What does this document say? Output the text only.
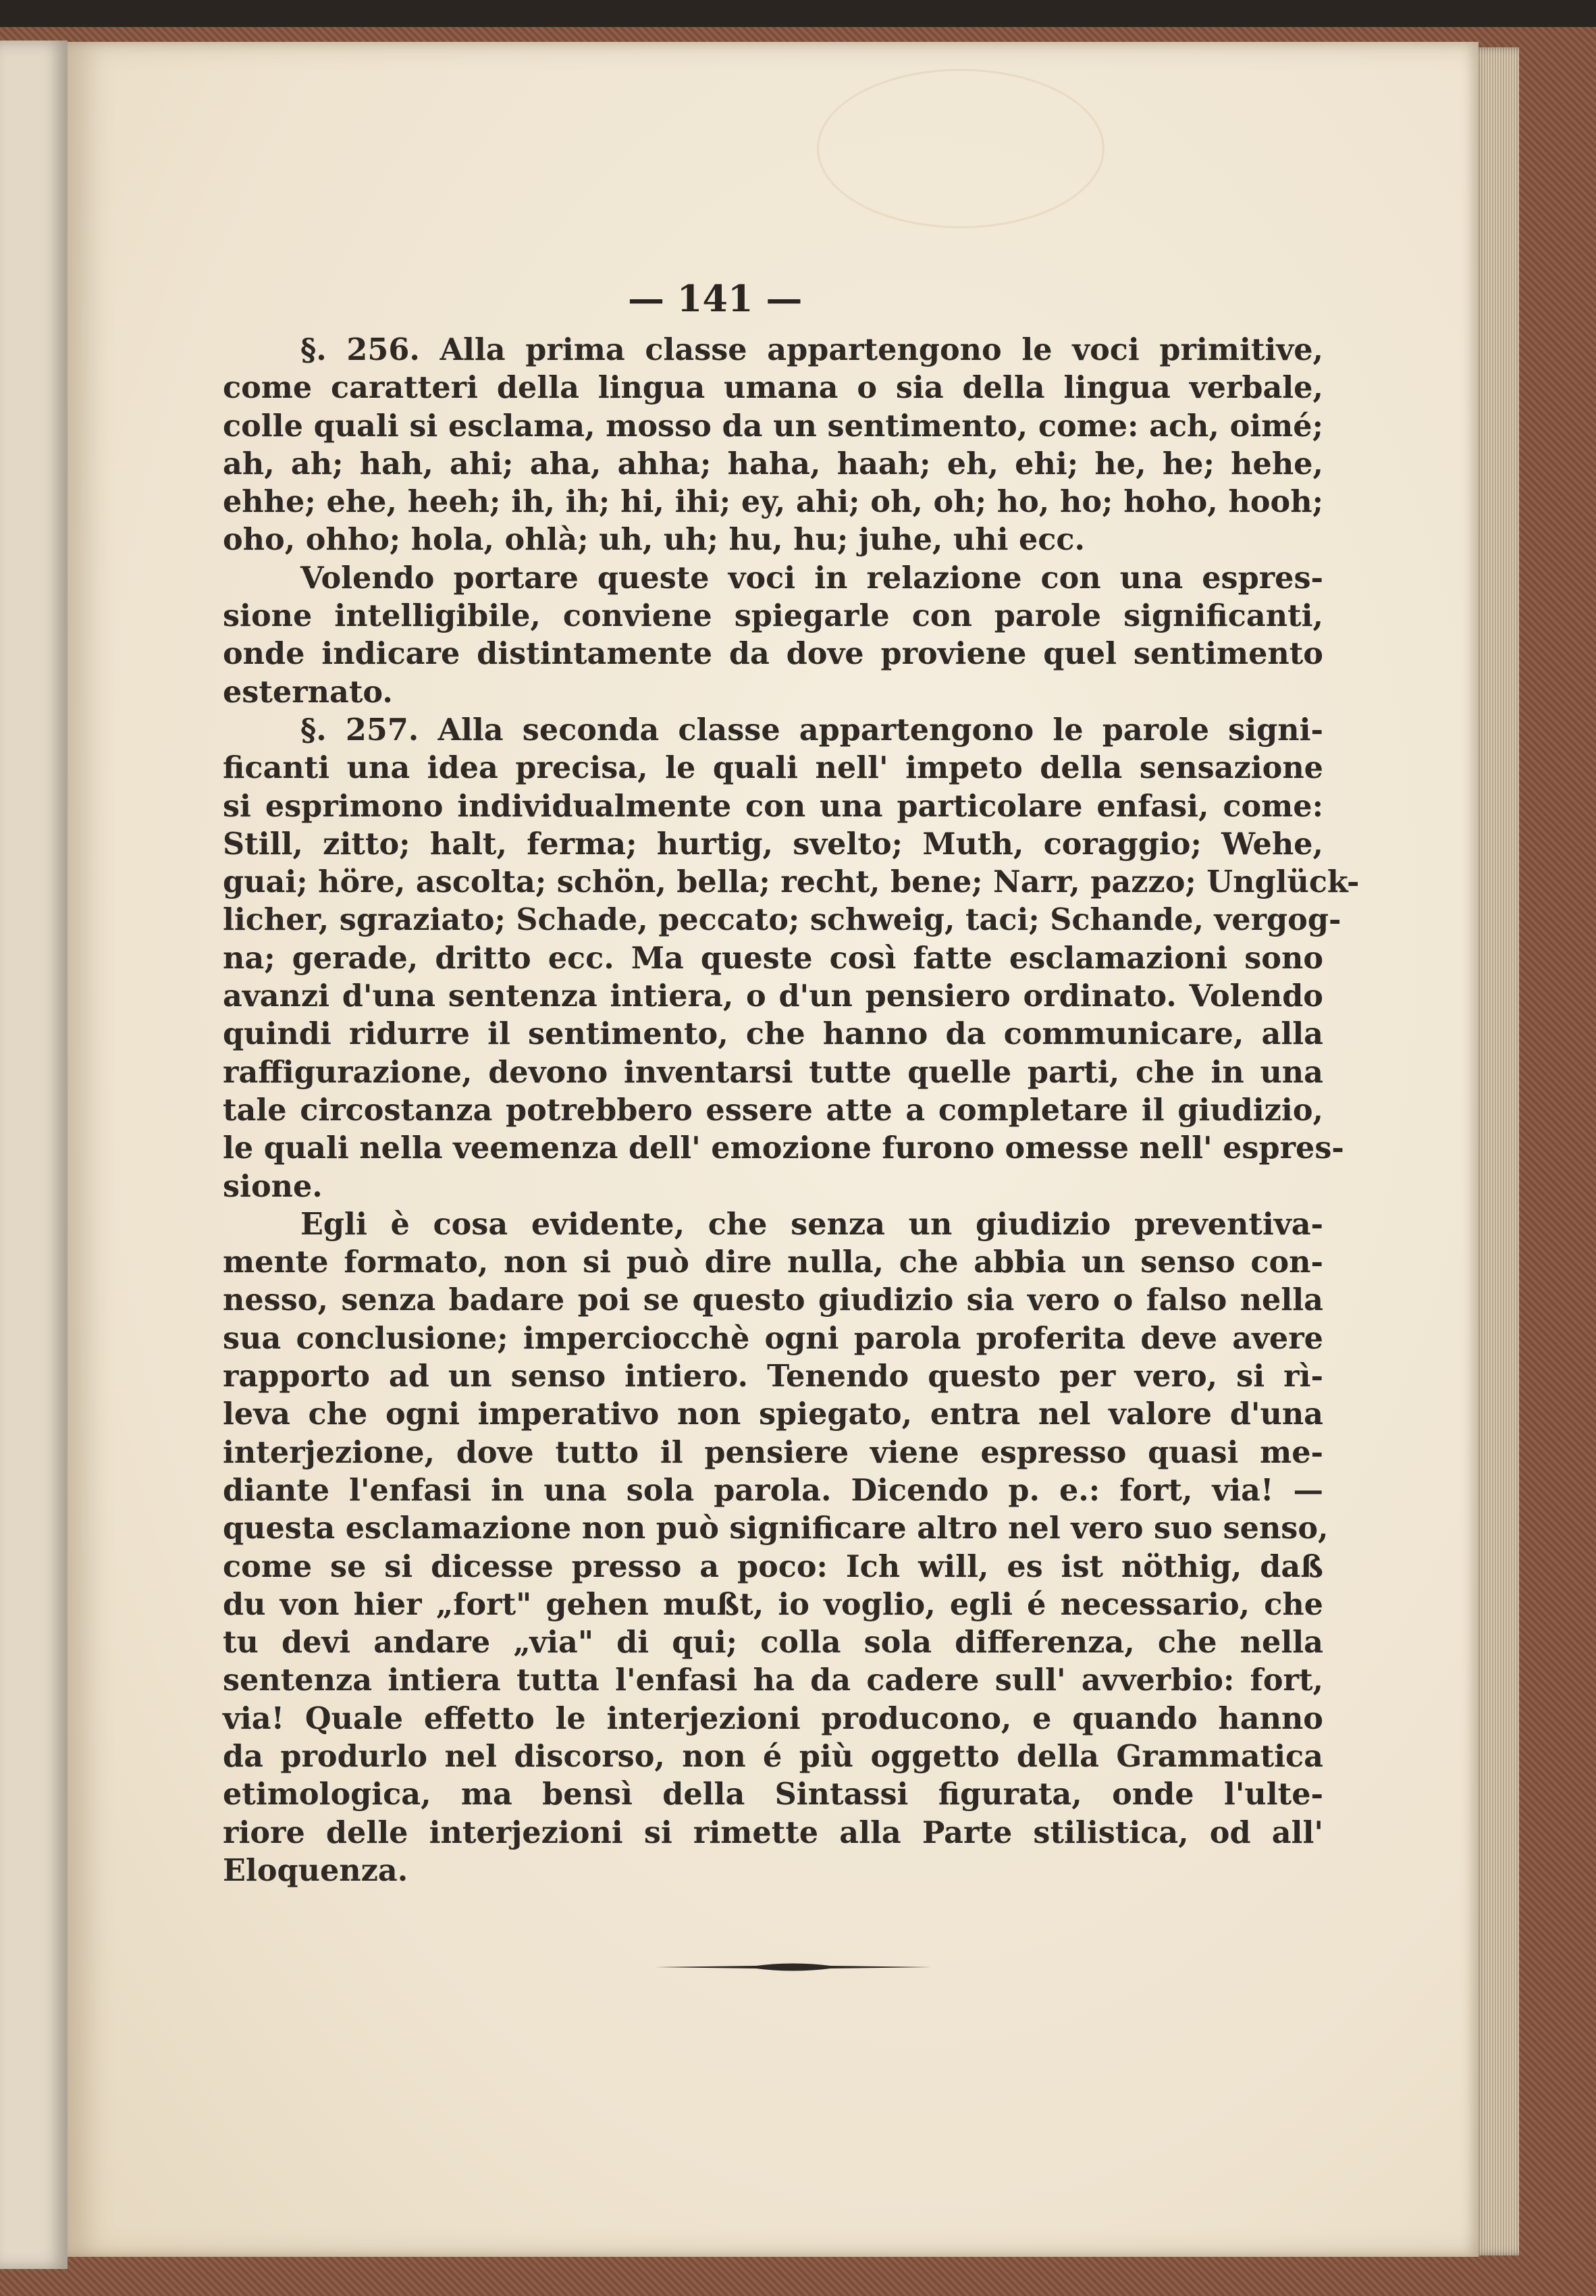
— 141 —
§. 256. Alla prima classe appartengono le voci primitive,
come caratteri della lingua umana o sia della lingua verbale,
colle quali si esclama, mosso da un sentimento, come: ach, oimé;
ah, ah; hah, ahi; aha, ahha; haha, haah; eh, ehi; he, he; hehe,
ehhe; ehe, heeh; ih, ih; hi, ihi; ey, ahi; oh, oh; ho, ho; hoho, hooh;
oho, ohho; hola, ohlà; uh, uh; hu, hu; juhe, uhi ecc.
Volendo portare queste voci in relazione con una espres-
sione intelligibile, conviene spiegarle con parole significanti,
onde indicare distintamente da dove proviene quel sentimento
esternato.
§. 257. Alla seconda classe appartengono le parole signi-
ficanti una idea precisa, le quali nell' impeto della sensazione
si esprimono individualmente con una particolare enfasi, come:
Still, zitto; halt, ferma; hurtig, svelto; Muth, coraggio; Wehe,
guai; höre, ascolta; schön, bella; recht, bene; Narr, pazzo; Unglück-
licher, sgraziato; Schade, peccato; schweig, taci; Schande, vergog-
na; gerade, dritto ecc. Ma queste così fatte esclamazioni sono
avanzi d'una sentenza intiera, o d'un pensiero ordinato. Volendo
quindi ridurre il sentimento, che hanno da communicare, alla
raffigurazione, devono inventarsi tutte quelle parti, che in una
tale circostanza potrebbero essere atte a completare il giudizio,
le quali nella veemenza dell' emozione furono omesse nell' espres-
sione.
Egli è cosa evidente, che senza un giudizio preventiva-
mente formato, non si può dire nulla, che abbia un senso con-
nesso, senza badare poi se questo giudizio sia vero o falso nella
sua conclusione; imperciocchè ogni parola proferita deve avere
rapporto ad un senso intiero. Tenendo questo per vero, si rì-
leva che ogni imperativo non spiegato, entra nel valore d'una
interjezione, dove tutto il pensiere viene espresso quasi me-
diante l'enfasi in una sola parola. Dicendo p. e.: fort, via! —
questa esclamazione non può significare altro nel vero suo senso,
come se si dicesse presso a poco: Ich will, es ist nöthig, daß
du von hier „fort" gehen mußt, io voglio, egli é necessario, che
tu devi andare „via" di qui; colla sola differenza, che nella
sentenza intiera tutta l'enfasi ha da cadere sull' avverbio: fort,
via! Quale effetto le interjezioni producono, e quando hanno
da produrlo nel discorso, non é più oggetto della Grammatica
etimologica, ma bensì della Sintassi figurata, onde l'ulte-
riore delle interjezioni si rimette alla Parte stilistica, od all'
Eloquenza.
